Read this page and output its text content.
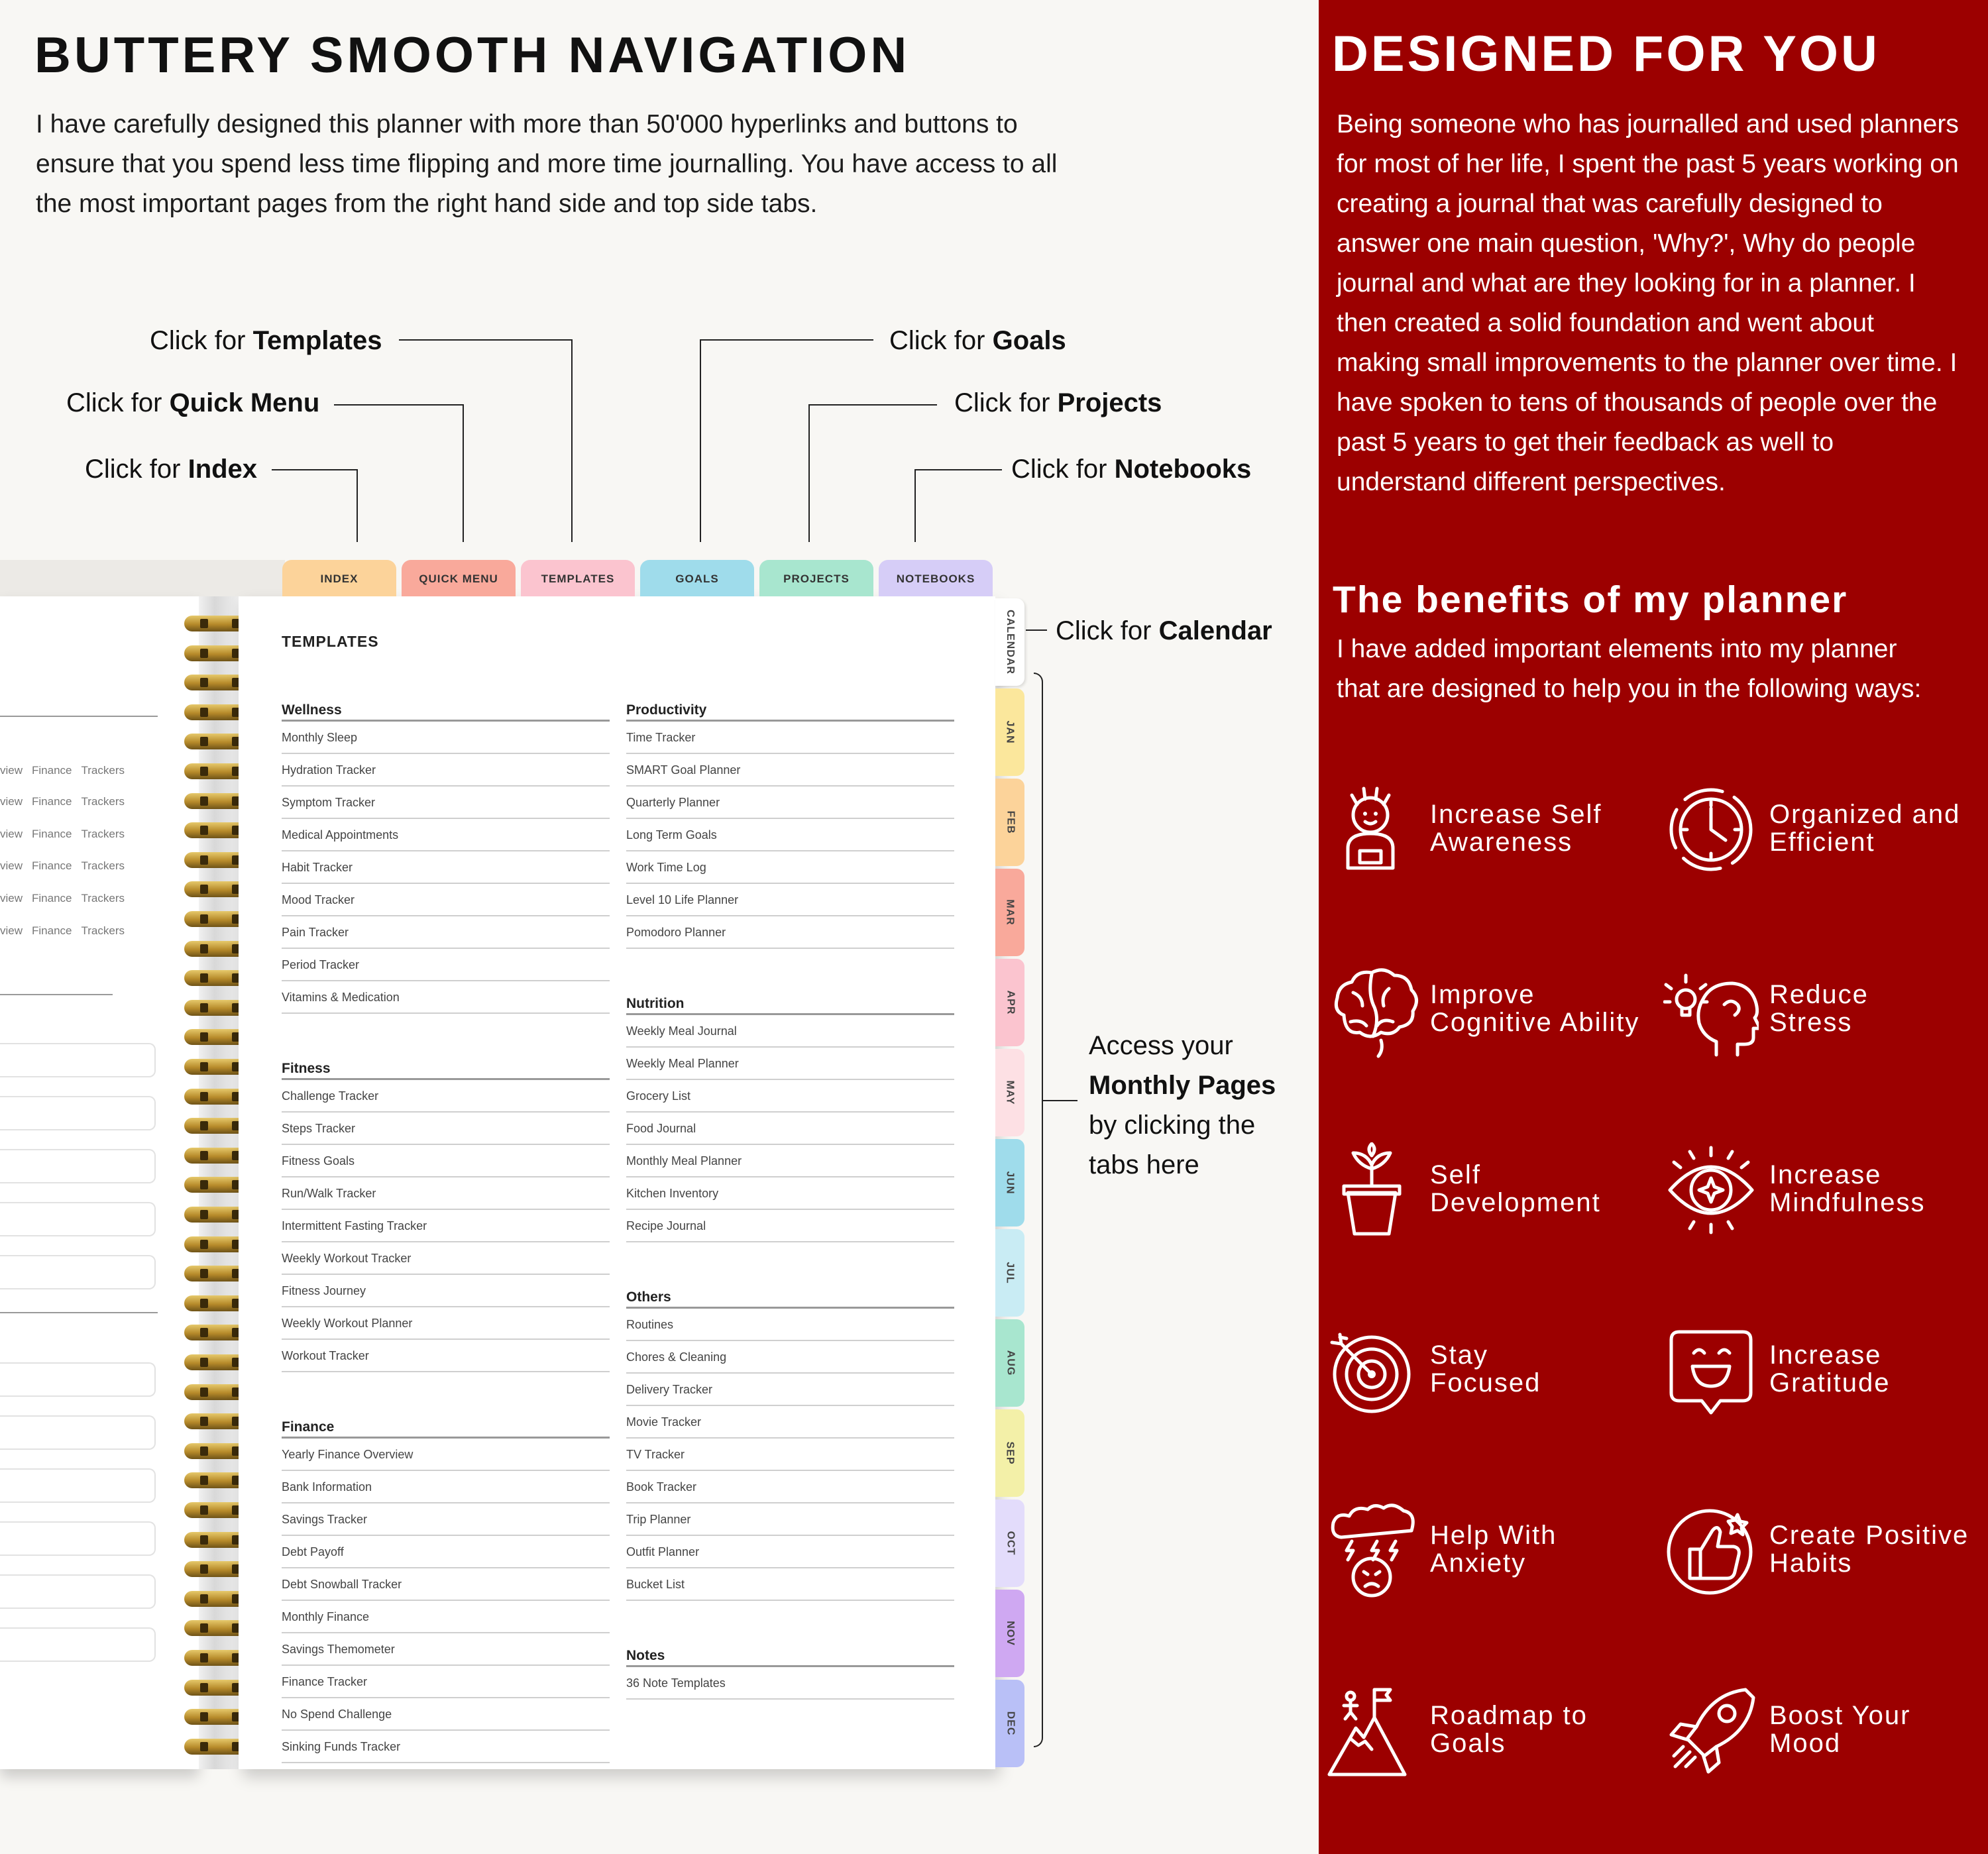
BUTTERY SMOOTH NAVIGATION
I have carefully designed this planner with more than 50'000 hyperlinks and buttons to ensure that you spend less time flipping and more time journalling. You have access to all the most important pages from the right hand side and top side tabs.
Click for Templates
Click for Quick Menu
Click for Index
Click for Goals
Click for Projects
Click for Notebooks
Click for Calendar
Access your
Monthly Pages
by clicking the
tabs here
view Finance Trackers
view Finance Trackers
view Finance Trackers
view Finance Trackers
view Finance Trackers
view Finance Trackers
TEMPLATES
Wellness
Monthly Sleep
Hydration Tracker
Symptom Tracker
Medical Appointments
Habit Tracker
Mood Tracker
Pain Tracker
Period Tracker
Vitamins & Medication
Fitness
Challenge Tracker
Steps Tracker
Fitness Goals
Run/Walk Tracker
Intermittent Fasting Tracker
Weekly Workout Tracker
Fitness Journey
Weekly Workout Planner
Workout Tracker
Finance
Yearly Finance Overview
Bank Information
Savings Tracker
Debt Payoff
Debt Snowball Tracker
Monthly Finance
Savings Themometer
Finance Tracker
No Spend Challenge
Sinking Funds Tracker
Productivity
Time Tracker
SMART Goal Planner
Quarterly Planner
Long Term Goals
Work Time Log
Level 10 Life Planner
Pomodoro Planner
Nutrition
Weekly Meal Journal
Weekly Meal Planner
Grocery List
Food Journal
Monthly Meal Planner
Kitchen Inventory
Recipe Journal
Others
Routines
Chores & Cleaning
Delivery Tracker
Movie Tracker
TV Tracker
Book Tracker
Trip Planner
Outfit Planner
Bucket List
Notes
36 Note Templates
INDEX	QUICK MENU	TEMPLATES	GOALS	PROJECTS	NOTEBOOKS
CALENDAR
JAN
FEB
MAR
APR
MAY
JUN
JUL
AUG
SEP
OCT
NOV
DEC
DESIGNED FOR YOU
Being someone who has journalled and used planners for most of her life, I spent the past 5 years working on creating a journal that was carefully designed to answer one main question, 'Why?', Why do people journal and what are they looking for in a planner. I then created a solid foundation and went about making small improvements to the planner over time. I have spoken to tens of thousands of people over the past 5 years to get their feedback as well to understand different perspectives.
The benefits of my planner
I have added important elements into my planner that are designed to help you in the following ways:
Increase Self
Awareness
Organized and
Efficient
Improve
Cognitive Ability
Reduce
Stress
Self
Development
Increase
Mindfulness
Stay
Focused
Increase
Gratitude
Help With
Anxiety
Create Positive
Habits
Roadmap to
Goals
Boost Your
Mood
